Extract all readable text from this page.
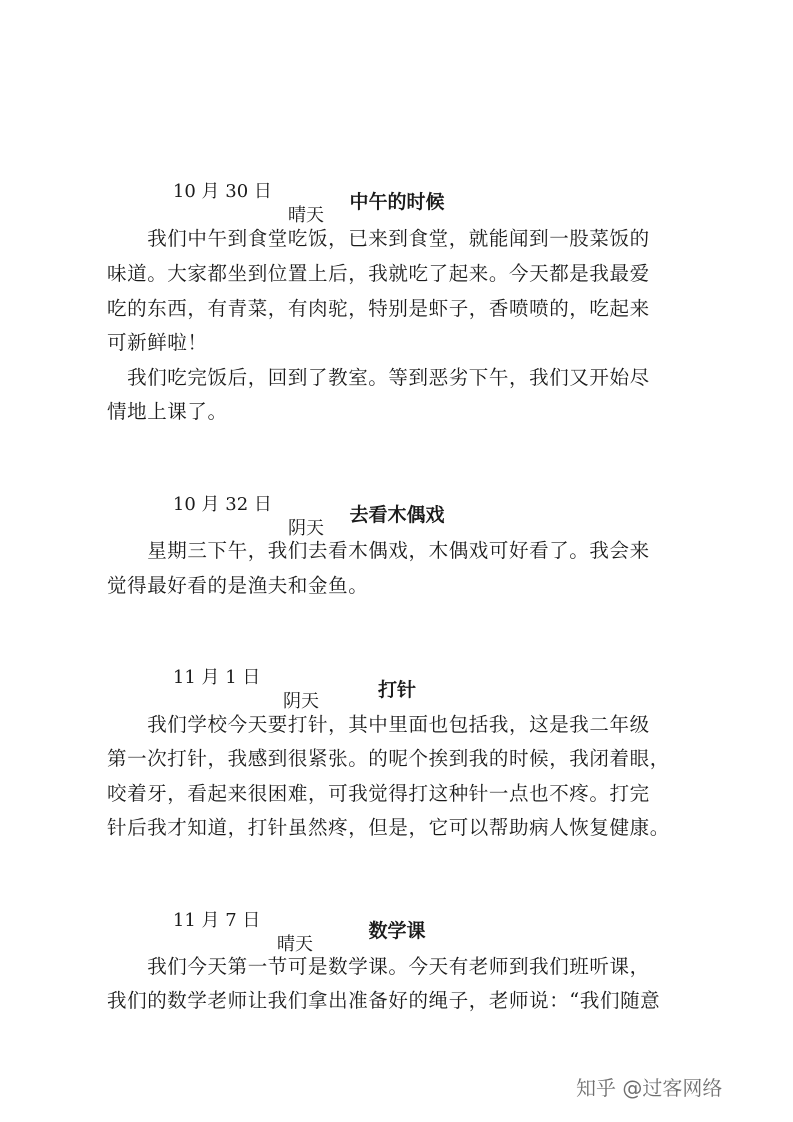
10 月 30 日

晴天

中午的时候
　　我们中午到食堂吃饭，已来到食堂，就能闻到一股菜饭的
味道。大家都坐到位置上后，我就吃了起来。今天都是我最爱
吃的东西，有青菜，有肉驼，特别是虾子，香喷喷的，吃起来
可新鲜啦！
　我们吃完饭后，回到了教室。等到恶劣下午，我们又开始尽
情地上课了。

10 月 32 日

阴天

去看木偶戏
　　星期三下午，我们去看木偶戏，木偶戏可好看了。我会来
觉得最好看的是渔夫和金鱼。

11 月 1 日

阴天

打针
　　我们学校今天要打针，其中里面也包括我，这是我二年级
第一次打针，我感到很紧张。的呢个挨到我的时候，我闭着眼，
咬着牙，看起来很困难，可我觉得打这种针一点也不疼。打完
针后我才知道，打针虽然疼，但是，它可以帮助病人恢复健康。

11 月 7 日

晴天

数学课
　　我们今天第一节可是数学课。今天有老师到我们班听课，
我们的数学老师让我们拿出准备好的绳子，老师说：“我们随意
知乎 @过客网络
